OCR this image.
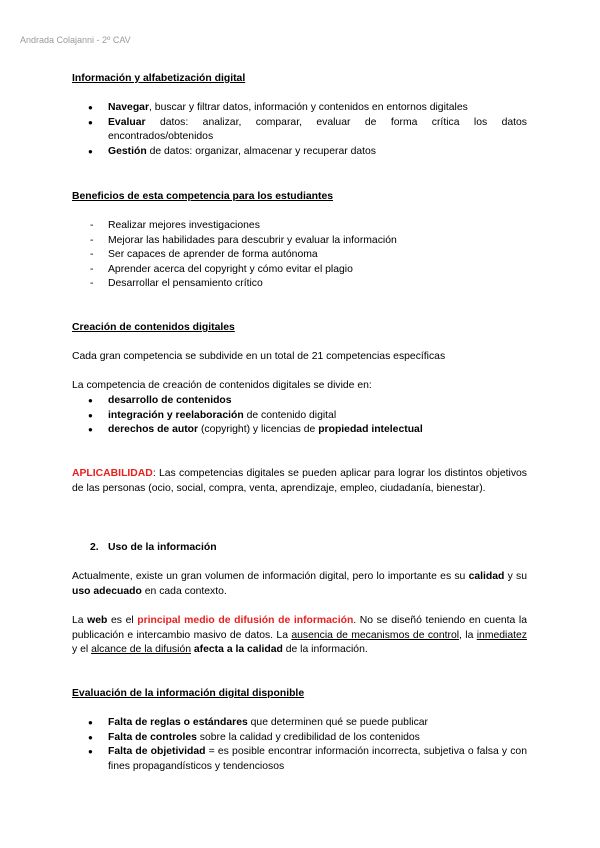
Andrada Colajanni - 2º CAV
Información y alfabetización digital
● Navegar, buscar y filtrar datos, información y contenidos en entornos digitales
● Evaluar datos: analizar, comparar, evaluar de forma crítica los datos encontrados/obtenidos
● Gestión de datos: organizar, almacenar y recuperar datos
Beneficios de esta competencia para los estudiantes
- Realizar mejores investigaciones
- Mejorar las habilidades para descubrir y evaluar la información
- Ser capaces de aprender de forma autónoma
- Aprender acerca del copyright y cómo evitar el plagio
- Desarrollar el pensamiento crítico
Creación de contenidos digitales
Cada gran competencia se subdivide en un total de 21 competencias específicas
La competencia de creación de contenidos digitales se divide en:
● desarrollo de contenidos
● integración y reelaboración de contenido digital
● derechos de autor (copyright) y licencias de propiedad intelectual
APLICABILIDAD: Las competencias digitales se pueden aplicar para lograr los distintos objetivos de las personas (ocio, social, compra, venta, aprendizaje, empleo, ciudadanía, bienestar).
2. Uso de la información
Actualmente, existe un gran volumen de información digital, pero lo importante es su calidad y su uso adecuado en cada contexto.
La web es el principal medio de difusión de información. No se diseñó teniendo en cuenta la publicación e intercambio masivo de datos. La ausencia de mecanismos de control, la inmediatez y el alcance de la difusión afecta a la calidad de la información.
Evaluación de la información digital disponible
● Falta de reglas o estándares que determinen qué se puede publicar
● Falta de controles sobre la calidad y credibilidad de los contenidos
● Falta de objetividad = es posible encontrar información incorrecta, subjetiva o falsa y con fines propagandísticos y tendenciosos
